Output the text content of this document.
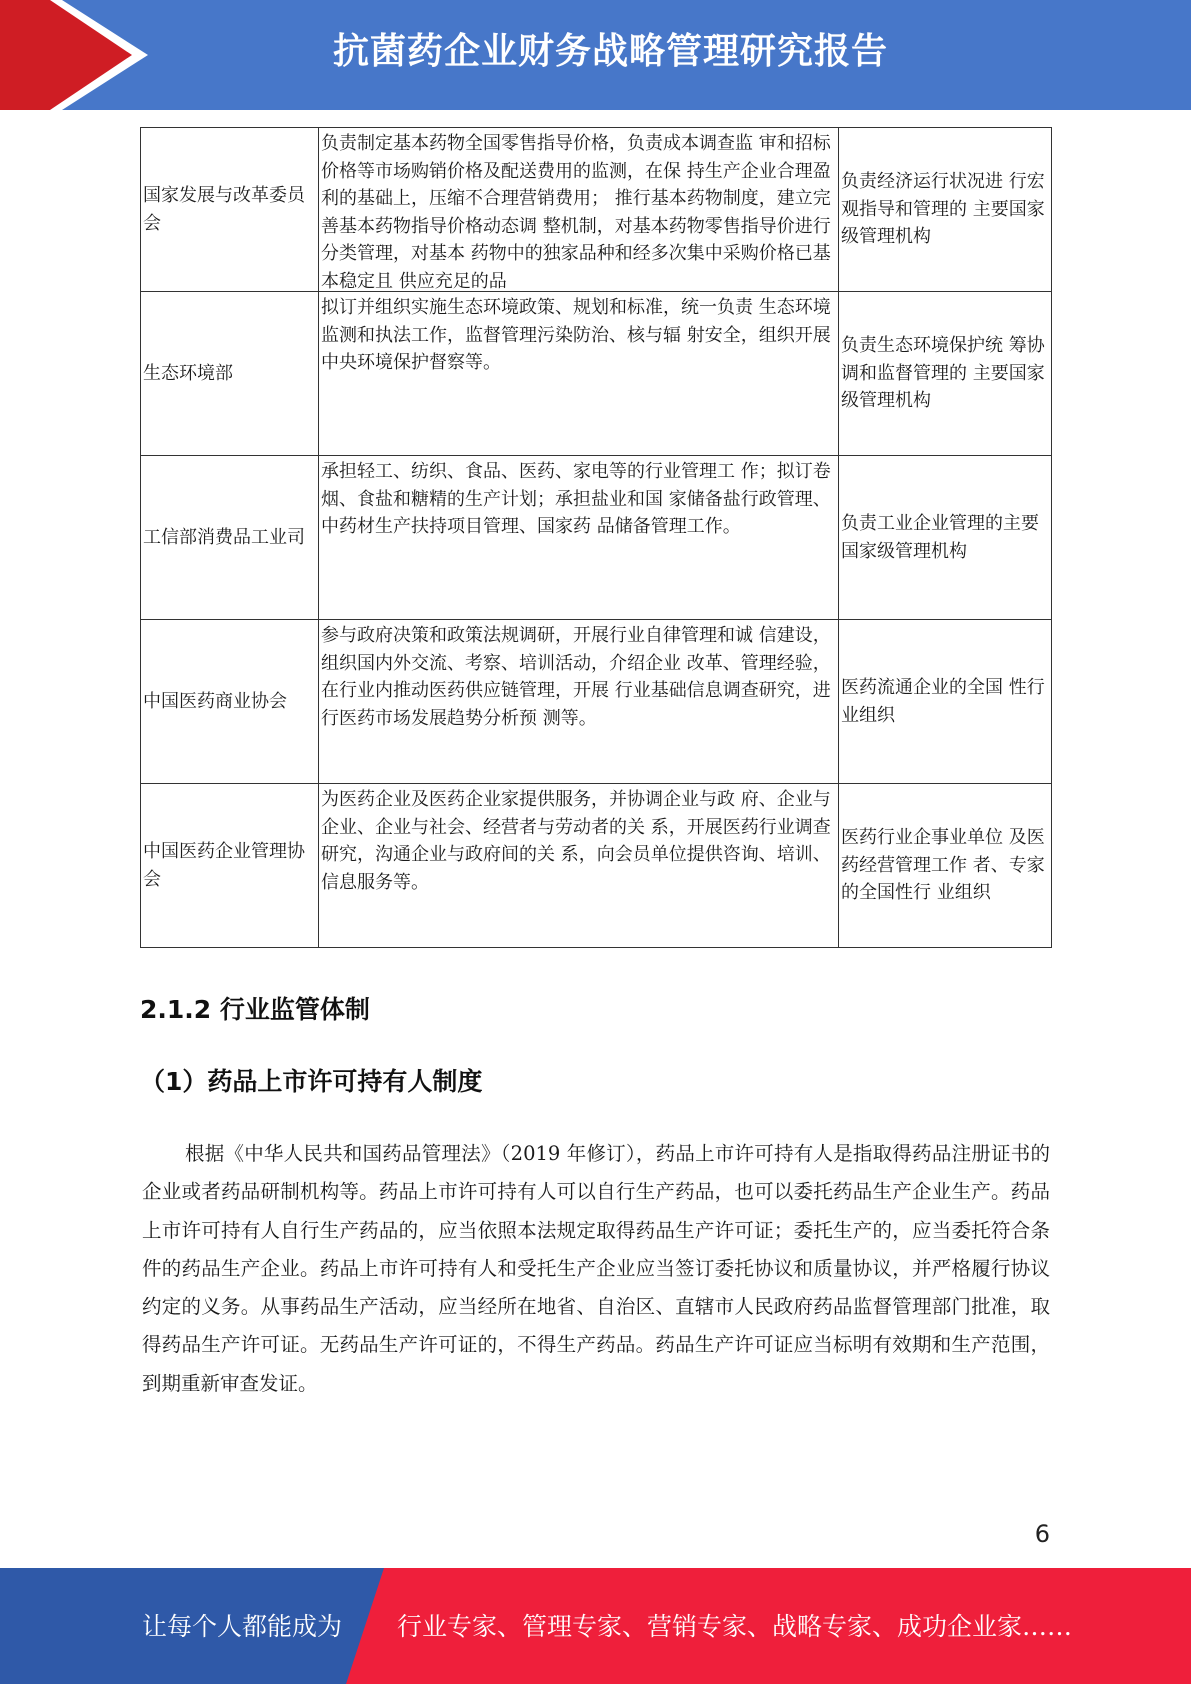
抗菌药企业财务战略管理研究报告
国家发展与改革委员会	负责制定基本药物全国零售指导价格，负责成本调查监 审和招标价格等市场购销价格及配送费用的监测，在保 持生产企业合理盈利的基础上，压缩不合理营销费用； 推行基本药物制度，建立完善基本药物指导价格动态调 整机制，对基本药物零售指导价进行分类管理，对基本 药物中的独家品种和经多次集中采购价格已基本稳定且 供应充足的品	负责经济运行状况进 行宏观指导和管理的 主要国家级管理机构
生态环境部	拟订并组织实施生态环境政策、规划和标准，统一负责 生态环境监测和执法工作，监督管理污染防治、核与辐 射安全，组织开展中央环境保护督察等。	负责生态环境保护统 筹协调和监督管理的 主要国家级管理机构
工信部消费品工业司	承担轻工、纺织、食品、医药、家电等的行业管理工 作；拟订卷烟、食盐和糖精的生产计划；承担盐业和国 家储备盐行政管理、中药材生产扶持项目管理、国家药 品储备管理工作。	负责工业企业管理的主要国家级管理机构
中国医药商业协会	参与政府决策和政策法规调研，开展行业自律管理和诚 信建设，组织国内外交流、考察、培训活动，介绍企业 改革、管理经验，在行业内推动医药供应链管理，开展 行业基础信息调查研究，进行医药市场发展趋势分析预 测等。	医药流通企业的全国 性行业组织
中国医药企业管理协会	为医药企业及医药企业家提供服务，并协调企业与政 府、企业与企业、企业与社会、经营者与劳动者的关 系，开展医药行业调查研究，沟通企业与政府间的关 系，向会员单位提供咨询、培训、信息服务等。	医药行业企事业单位 及医药经营管理工作 者、专家的全国性行 业组织
2.1.2 行业监管体制
（1）药品上市许可持有人制度

根据《中华人民共和国药品管理法》（2019 年修订），药品上市许可持有人是指取得药品注册证书的企业或者药品研制机构等。药品上市许可持有人可以自行生产药品，也可以委托药品生产企业生产。药品上市许可持有人自行生产药品的，应当依照本法规定取得药品生产许可证；委托生产的，应当委托符合条件的药品生产企业。药品上市许可持有人和受托生产企业应当签订委托协议和质量协议，并严格履行协议约定的义务。从事药品生产活动，应当经所在地省、自治区、直辖市人民政府药品监督管理部门批准，取得药品生产许可证。无药品生产许可证的，不得生产药品。药品生产许可证应当标明有效期和生产范围，到期重新审查发证。

6
让每个人都能成为 行业专家、管理专家、营销专家、战略专家、成功企业家……
